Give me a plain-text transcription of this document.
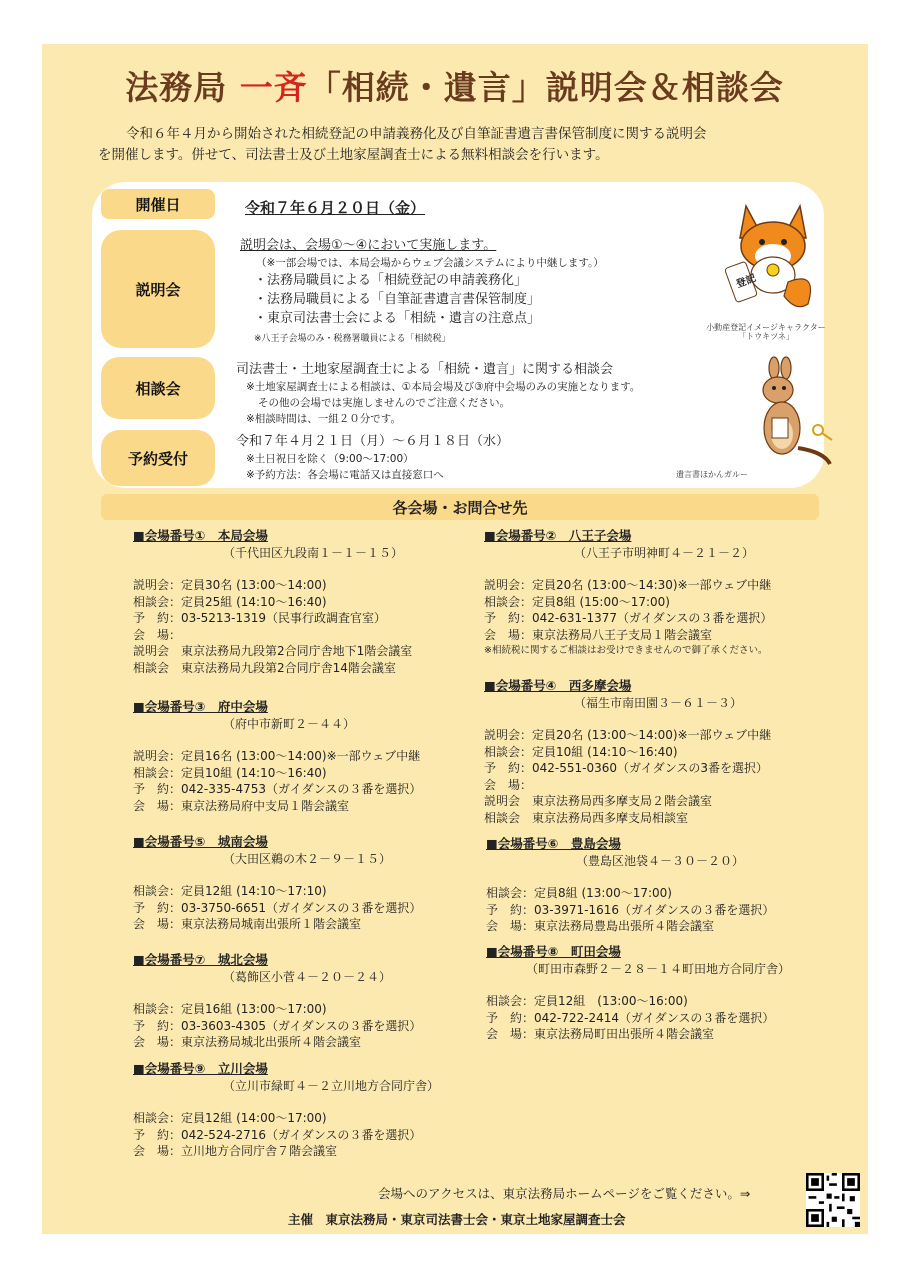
法務局 一斉「相続・遺言」説明会＆相談会
令和６年４月から開始された相続登記の申請義務化及び自筆証書遺言書保管制度に関する説明会
を開催します。併せて、司法書士及び土地家屋調査士による無料相談会を行います。
開催日
説明会
相談会
予約受付
令和７年６月２０日（金）
説明会は、会場①～④において実施します。
（※一部会場では、本局会場からウェブ会議システムにより中継します。）
・法務局職員による「相続登記の申請義務化」
・法務局職員による「自筆証書遺言書保管制度」
・東京司法書士会による「相続・遺言の注意点」
※八王子会場のみ・税務署職員による「相続税」
司法書士・土地家屋調査士による「相続・遺言」に関する相談会
※土地家屋調査士による相談は、①本局会場及び③府中会場のみの実施となります。
その他の会場では実施しませんのでご注意ください。
※相談時間は、一組２０分です。
令和７年４月２１日（月）～６月１８日（水）
※土日祝日を除く（9:00～17:00）
※予約方法：各会場に電話又は直接窓口へ
登記
小動産登記イメージキャラクター
「トウキツネ」
遺言書ほかんガルー
各会場・お問合せ先
■会場番号①　本局会場
（千代田区九段南１－１－１５）
説明会：定員30名 (13:00～14:00)
相談会：定員25組 (14:10～16:40)
予　約：03-5213-1319（民事行政調査官室）
会　場：
説明会　東京法務局九段第2合同庁舎地下1階会議室
相談会　東京法務局九段第2合同庁舎14階会議室
■会場番号③　府中会場
（府中市新町２－４４）
説明会：定員16名 (13:00～14:00)※一部ウェブ中継
相談会：定員10組 (14:10～16:40)
予　約：042-335-4753（ガイダンスの３番を選択）
会　場：東京法務局府中支局１階会議室
■会場番号⑤　城南会場
（大田区鵜の木２－９－１５）
相談会：定員12組 (14:10～17:10)
予　約：03-3750-6651（ガイダンスの３番を選択）
会　場：東京法務局城南出張所１階会議室
■会場番号⑦　城北会場
（葛飾区小菅４－２０－２４）
相談会：定員16組 (13:00～17:00)
予　約：03-3603-4305（ガイダンスの３番を選択）
会　場：東京法務局城北出張所４階会議室
■会場番号⑨　立川会場
（立川市緑町４－２立川地方合同庁舎）
相談会：定員12組 (14:00～17:00)
予　約：042-524-2716（ガイダンスの３番を選択）
会　場：立川地方合同庁舎７階会議室
■会場番号②　八王子会場
（八王子市明神町４－２１－２）
説明会：定員20名 (13:00～14:30)※一部ウェブ中継
相談会：定員8組 (15:00～17:00)
予　約：042-631-1377（ガイダンスの３番を選択）
会　場：東京法務局八王子支局１階会議室
※相続税に関するご相談はお受けできませんので御了承ください。
■会場番号④　西多摩会場
（福生市南田園３－６１－３）
説明会：定員20名 (13:00～14:00)※一部ウェブ中継
相談会：定員10組 (14:10～16:40)
予　約：042-551-0360（ガイダンスの3番を選択）
会　場：
説明会　東京法務局西多摩支局２階会議室
相談会　東京法務局西多摩支局相談室
■会場番号⑥　豊島会場
（豊島区池袋４－３０－２０）
相談会：定員8組 (13:00～17:00)
予　約：03-3971-1616（ガイダンスの３番を選択）
会　場：東京法務局豊島出張所４階会議室
■会場番号⑧　町田会場
（町田市森野２－２８－１４町田地方合同庁舎）
相談会：定員12組　(13:00～16:00)
予　約：042-722-2414（ガイダンスの３番を選択）
会　場：東京法務局町田出張所４階会議室
会場へのアクセスは、東京法務局ホームページをご覧ください。⇒
主催　東京法務局・東京司法書士会・東京土地家屋調査士会
